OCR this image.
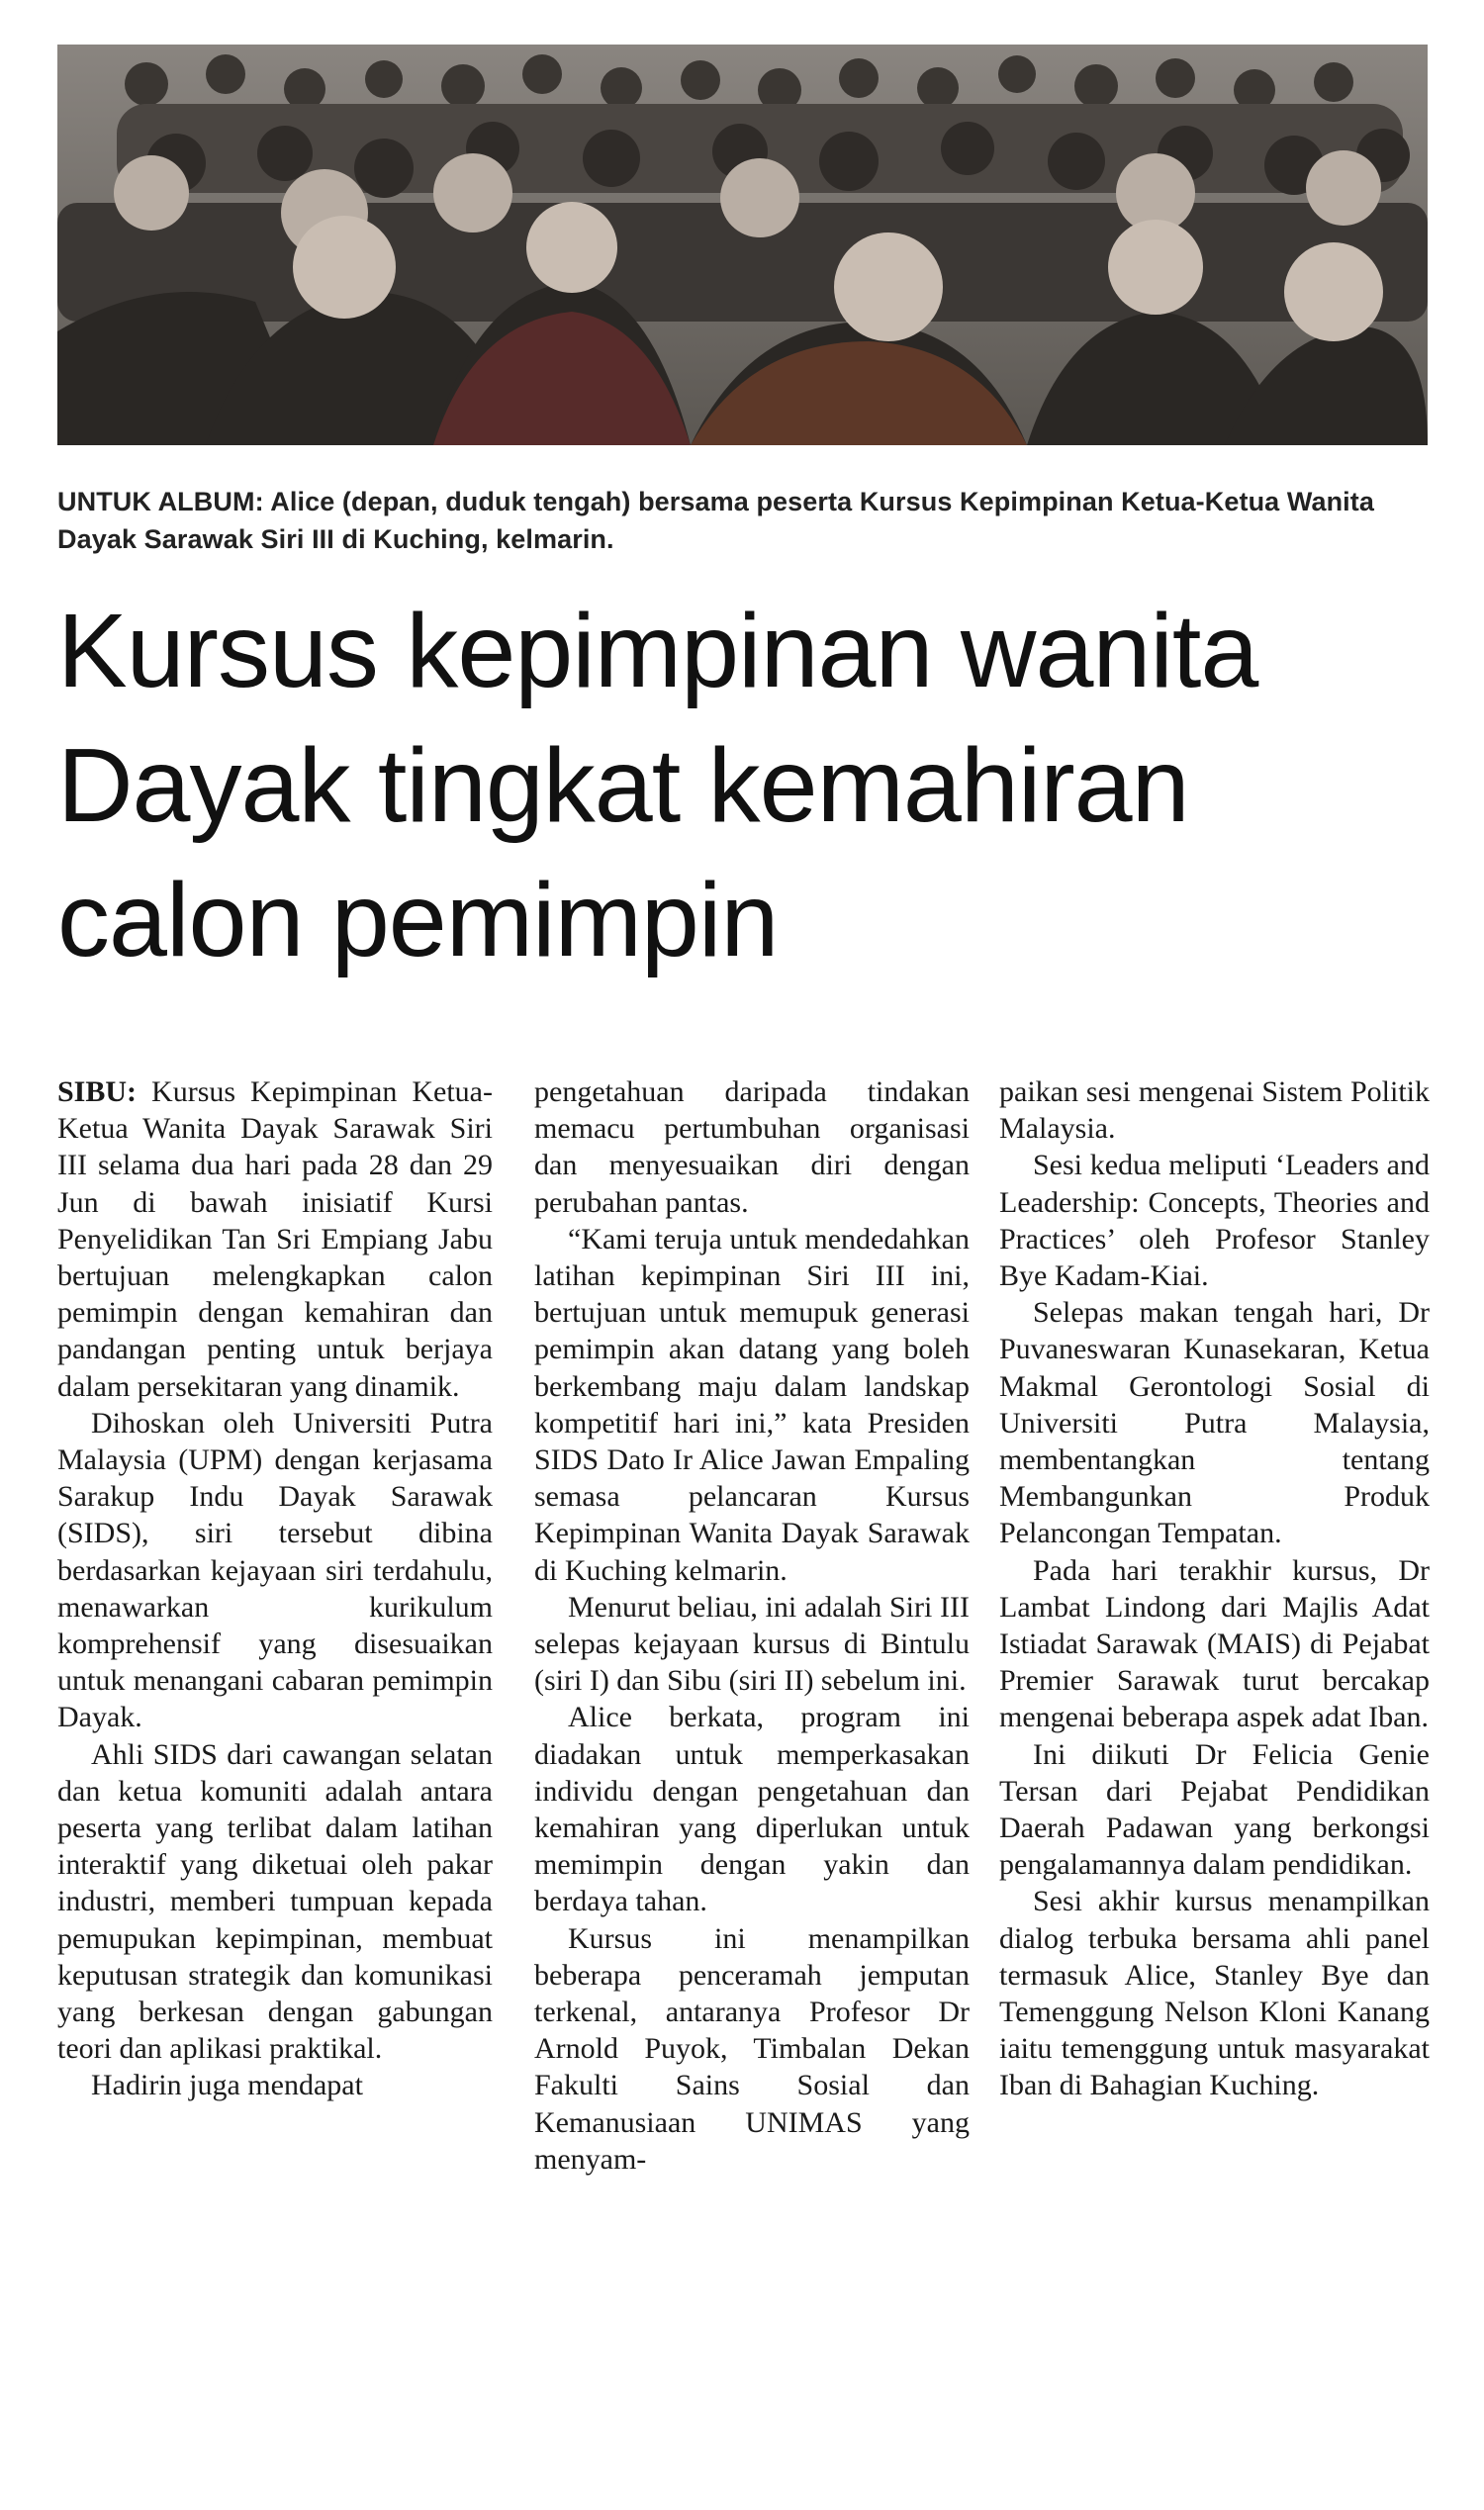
UNTUK ALBUM: Alice (depan, duduk tengah) bersama peserta Kursus Kepimpinan Ketua-Ketua Wanita Dayak Sarawak Siri III di Kuching, kelmarin.
Kursus kepimpinan wanita
Dayak tingkat kemahiran
calon pemimpin

SIBU: Kursus Kepimpinan Ketua-Ketua Wanita Dayak Sarawak Siri III selama dua hari pada 28 dan 29 Jun di bawah inisiatif Kursi Penyelidikan Tan Sri Empiang Jabu bertujuan melengkapkan calon pemimpin dengan kemahiran dan pandangan penting untuk berjaya dalam persekitaran yang dinamik.

Dihoskan oleh Universiti Putra Malaysia (UPM) dengan kerjasama Sarakup Indu Dayak Sarawak (SIDS), siri tersebut dibina berdasarkan kejayaan siri terdahulu, menawarkan kurikulum komprehensif yang disesuaikan untuk menangani cabaran pemimpin Dayak.

Ahli SIDS dari cawangan selatan dan ketua komuniti adalah antara peserta yang terlibat dalam latihan interaktif yang diketuai oleh pakar industri, memberi tumpuan kepada pemupukan kepimpinan, membuat keputusan strategik dan komunikasi yang berkesan dengan gabungan teori dan aplikasi praktikal.

Hadirin juga mendapat

pengetahuan daripada tindakan memacu pertumbuhan organisasi dan menyesuaikan diri dengan perubahan pantas.

“Kami teruja untuk mendedahkan latihan kepimpinan Siri III ini, bertujuan untuk memupuk generasi pemimpin akan datang yang boleh berkembang maju dalam landskap kompetitif hari ini,” kata Presiden SIDS Dato Ir Alice Jawan Empaling semasa pelancaran Kursus Kepimpinan Wanita Dayak Sarawak di Kuching kelmarin.

Menurut beliau, ini adalah Siri III selepas kejayaan kursus di Bintulu (siri I) dan Sibu (siri II) sebelum ini.

Alice berkata, program ini diadakan untuk memperkasakan individu dengan pengetahuan dan kemahiran yang diperlukan untuk memimpin dengan yakin dan berdaya tahan.

Kursus ini menampilkan beberapa penceramah jemputan terkenal, antaranya Profesor Dr Arnold Puyok, Timbalan Dekan Fakulti Sains Sosial dan Kemanusiaan UNIMAS yang menyam-

paikan sesi mengenai Sistem Politik Malaysia.

Sesi kedua meliputi ‘Leaders and Leadership: Concepts, Theories and Practices’ oleh Profesor Stanley Bye Kadam-Kiai.

Selepas makan tengah hari, Dr Puvaneswaran Kunasekaran, Ketua Makmal Gerontologi Sosial di Universiti Putra Malaysia, membentangkan tentang Membangunkan Produk Pelancongan Tempatan.

Pada hari terakhir kursus, Dr Lambat Lindong dari Majlis Adat Istiadat Sarawak (MAIS) di Pejabat Premier Sarawak turut bercakap mengenai beberapa aspek adat Iban.

Ini diikuti Dr Felicia Genie Tersan dari Pejabat Pendidikan Daerah Padawan yang berkongsi pengalamannya dalam pendidikan.

Sesi akhir kursus menampilkan dialog terbuka bersama ahli panel termasuk Alice, Stanley Bye dan Temenggung Nelson Kloni Kanang iaitu temenggung untuk masyarakat Iban di Bahagian Kuching.
